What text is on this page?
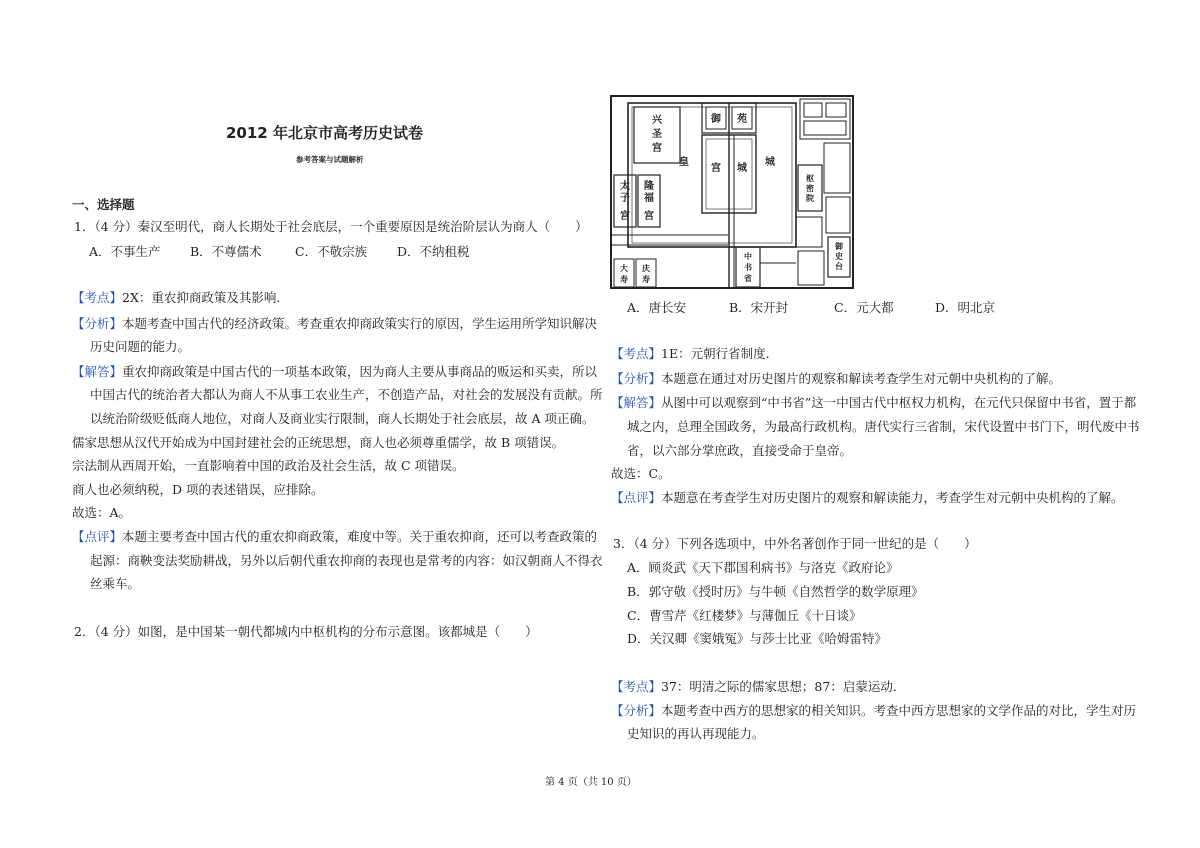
2012 年北京市高考历史试卷
参考答案与试题解析
一、选择题
1．（4 分）秦汉至明代，商人长期处于社会底层，一个重要原因是统治阶层认为商人（　　）
A．不事生产 B．不尊儒术	C．不敬宗族 D．不纳租税
【考点】2X：重农抑商政策及其影响．
【分析】本题考查中国古代的经济政策。考查重农抑商政策实行的原因，学生运用所学知识解决
历史问题的能力。
【解答】重农抑商政策是中国古代的一项基本政策，因为商人主要从事商品的贩运和买卖，所以
中国古代的统治者大都认为商人不从事工农业生产，不创造产品，对社会的发展没有贡献。所
以统治阶级贬低商人地位，对商人及商业实行限制，商人长期处于社会底层，故 A 项正确。
儒家思想从汉代开始成为中国封建社会的正统思想，商人也必须尊重儒学，故 B 项错误。
宗法制从西周开始，一直影响着中国的政治及社会生活，故 C 项错误。
商人也必须纳税，D 项的表述错误，应排除。
故选：A。
【点评】本题主要考查中国古代的重农抑商政策，难度中等。关于重农抑商，还可以考查政策的
起源：商鞅变法奖励耕战，另外以后朝代重农抑商的表现也是常考的内容：如汉朝商人不得衣
丝乘车。
2．（4 分）如图，是中国某一朝代都城内中枢机构的分布示意图。该都城是（　　）
兴
圣
宫
御 苑
皇
宫 城
城
太
子
宫
隆
福
宫
枢
密
院
御
史
台
中
书
省
大
寿
庆
寿
A．唐长安	B．宋开封	C．元大都	D．明北京
【考点】1E：元朝行省制度．
【分析】本题意在通过对历史图片的观察和解读考查学生对元朝中央机构的了解。
【解答】从图中可以观察到“中书省”这一中国古代中枢权力机构，在元代只保留中书省，置于都
城之内，总理全国政务，为最高行政机构。唐代实行三省制，宋代设置中书门下，明代废中书
省，以六部分掌庶政，直接受命于皇帝。
故选：C。
【点评】本题意在考查学生对历史图片的观察和解读能力，考查学生对元朝中央机构的了解。
3．（4 分）下列各选项中，中外名著创作于同一世纪的是（　　）
A．顾炎武《天下郡国利病书》与洛克《政府论》
B．郭守敬《授时历》与牛顿《自然哲学的数学原理》
C．曹雪芹《红楼梦》与薄伽丘《十日谈》
D．关汉卿《窦娥冤》与莎士比亚《哈姆雷特》
【考点】37：明清之际的儒家思想；87：启蒙运动．
【分析】本题考查中西方的思想家的相关知识。考查中西方思想家的文学作品的对比，学生对历
史知识的再认再现能力。
第 4 页（共 10 页）
